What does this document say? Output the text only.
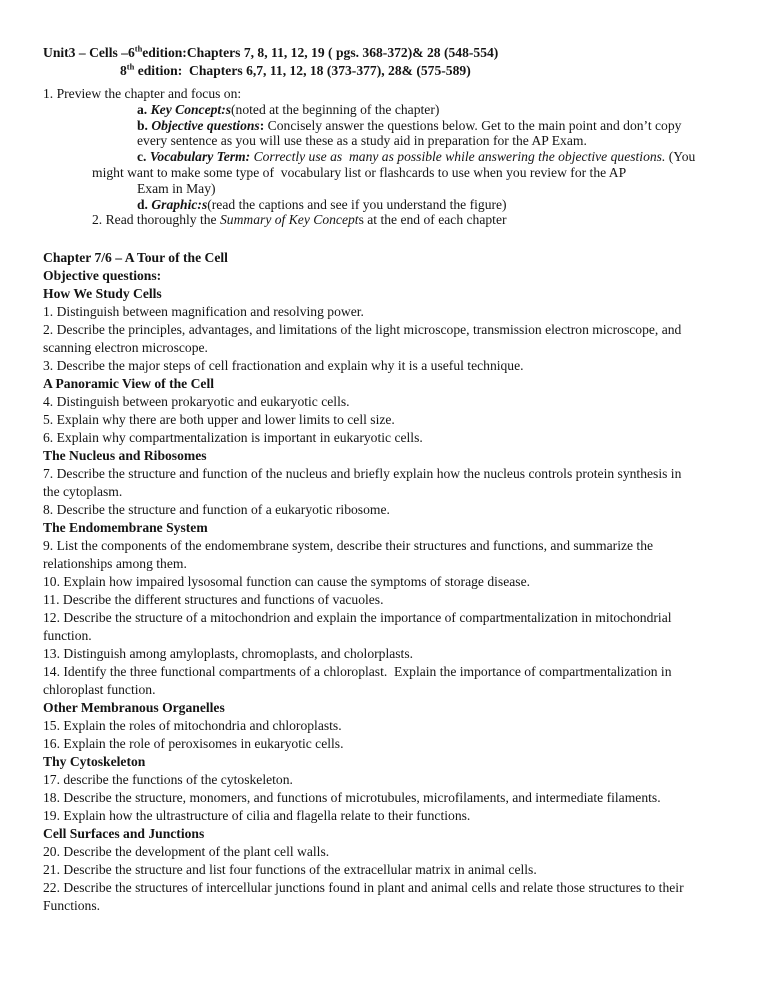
Unit3 – Cells –6thedition:Chapters 7, 8, 11, 12, 19 ( pgs. 368-372)& 28 (548-554)
8th edition:  Chapters 6,7, 11, 12, 18 (373-377), 28& (575-589)

1. Preview the chapter and focus on:
a. Key Concept:s(noted at the beginning of the chapter)
b. Objective questions: Concisely answer the questions below. Get to the main point and don’t copy
every sentence as you will use these as a study aid in preparation for the AP Exam.
c. Vocabulary Term: Correctly use as  many as possible while answering the objective questions. (You
might want to make some type of  vocabulary list or flashcards to use when you review for the AP
Exam in May)
d. Graphic:s(read the captions and see if you understand the figure)
2. Read thoroughly the Summary of Key Concepts at the end of each chapter

Chapter 7/6 – A Tour of the Cell
Objective questions:
How We Study Cells
1. Distinguish between magnification and resolving power.
2. Describe the principles, advantages, and limitations of the light microscope, transmission electron microscope, and
scanning electron microscope.
3. Describe the major steps of cell fractionation and explain why it is a useful technique.
A Panoramic View of the Cell
4. Distinguish between prokaryotic and eukaryotic cells.
5. Explain why there are both upper and lower limits to cell size.
6. Explain why compartmentalization is important in eukaryotic cells.
The Nucleus and Ribosomes
7. Describe the structure and function of the nucleus and briefly explain how the nucleus controls protein synthesis in
the cytoplasm.
8. Describe the structure and function of a eukaryotic ribosome.
The Endomembrane System
9. List the components of the endomembrane system, describe their structures and functions, and summarize the
relationships among them.
10. Explain how impaired lysosomal function can cause the symptoms of storage disease.
11. Describe the different structures and functions of vacuoles.
12. Describe the structure of a mitochondrion and explain the importance of compartmentalization in mitochondrial
function.
13. Distinguish among amyloplasts, chromoplasts, and cholorplasts.
14. Identify the three functional compartments of a chloroplast.  Explain the importance of compartmentalization in
chloroplast function.
Other Membranous Organelles
15. Explain the roles of mitochondria and chloroplasts.
16. Explain the role of peroxisomes in eukaryotic cells.
Thy Cytoskeleton
17. describe the functions of the cytoskeleton.
18. Describe the structure, monomers, and functions of microtubules, microfilaments, and intermediate filaments.
19. Explain how the ultrastructure of cilia and flagella relate to their functions.
Cell Surfaces and Junctions
20. Describe the development of the plant cell walls.
21. Describe the structure and list four functions of the extracellular matrix in animal cells.
22. Describe the structures of intercellular junctions found in plant and animal cells and relate those structures to their
Functions.
